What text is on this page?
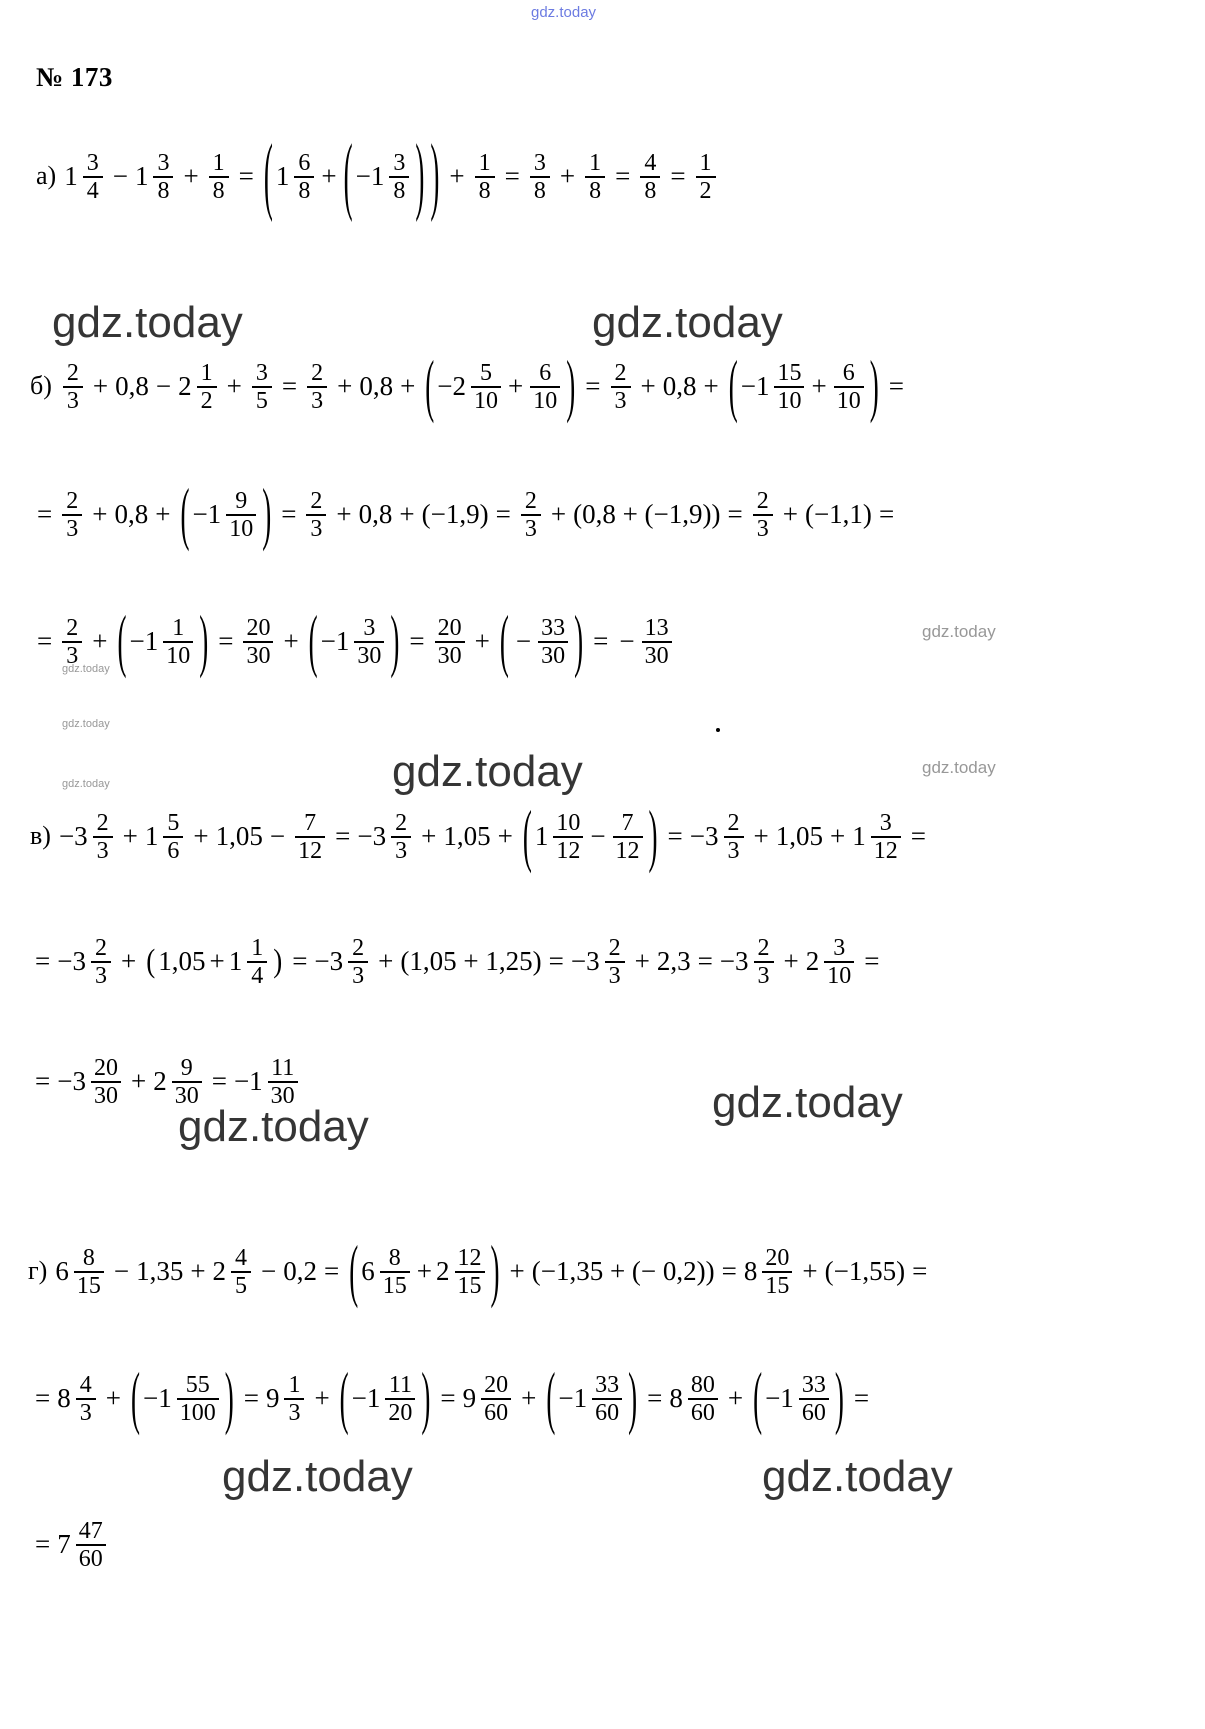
gdz.today
gdz.today	gdz.today
gdz.today
gdz.today
gdz.today
gdz.today	gdz.today	gdz.today
gdz.today	gdz.today
gdz.today	gdz.today
№ 173
а) $1 \frac{3}{4} - 1 \frac{3}{8} + \frac{1}{8}$ = ( $1 \frac{6}{8}$ + ( $-1 \frac{3}{8}$ ) ) + $\frac{1}{8} = \frac{3}{8} + \frac{1}{8} = \frac{4}{8} = \frac{1}{2}$
$б) \frac{2}{3} + 0,8 - 2 \frac{1}{2} + \frac{3}{5} = \frac{2}{3} + 0,8$ + ( $-2 \frac{5}{10} + \frac{6}{10}$ ) = $\frac{2}{3} + 0,8$ + ( $-1 \frac{15}{10} + \frac{6}{10}$ ) =
= $\frac{2}{3} + 0,8$ + ( $-1 \frac{9}{10}$ ) = $\frac{2}{3} + 0,8 + (-1,9) = \frac{2}{3} + (0,8 + (-1,9)) = \frac{2}{3} + (-1,1)$ =
= $\frac{2}{3}$ + ( $-1 \frac{1}{10}$ ) = $\frac{20}{30}$ + ( $-1 \frac{3}{30}$ ) = $\frac{20}{30}$ + ( − $\frac{33}{30}$ ) = − $\frac{13}{30}$
$в) -3 \frac{2}{3} + 1 \frac{5}{6} + 1,05 - \frac{7}{12} = -3 \frac{2}{3} + 1,05$ + ( $1 \frac{10}{12} - \frac{7}{12}$ ) = $-3 \frac{2}{3} + 1,05 + 1 \frac{3}{12}$ =
= $-3 \frac{2}{3}$ + ( $1,05 + 1 \frac{1}{4}$ ) = $-3 \frac{2}{3} + (1,05 + 1,25) = -3 \frac{2}{3} + 2,3 = -3 \frac{2}{3} + 2 \frac{3}{10}$ =
= $-3 \frac{20}{30} + 2 \frac{9}{30} = -1 \frac{11}{30}$
г) $6 \frac{8}{15} - 1,35 + 2 \frac{4}{5} - 0,2$ = ( $6 \frac{8}{15} + 2 \frac{12}{15}$ ) + (−1,35 + (− $0,2)) = 8 \frac{20}{15} + (-1,55)$ =
= $8 \frac{4}{3}$ + ( $-1 \frac{55}{100}$ ) = $9 \frac{1}{3}$ + ( $-1 \frac{11}{20}$ ) = $9 \frac{20}{60}$ + ( $-1 \frac{33}{60}$ ) = $8 \frac{80}{60}$ + ( $-1 \frac{33}{60}$ ) =
= $7 \frac{47}{60}$
